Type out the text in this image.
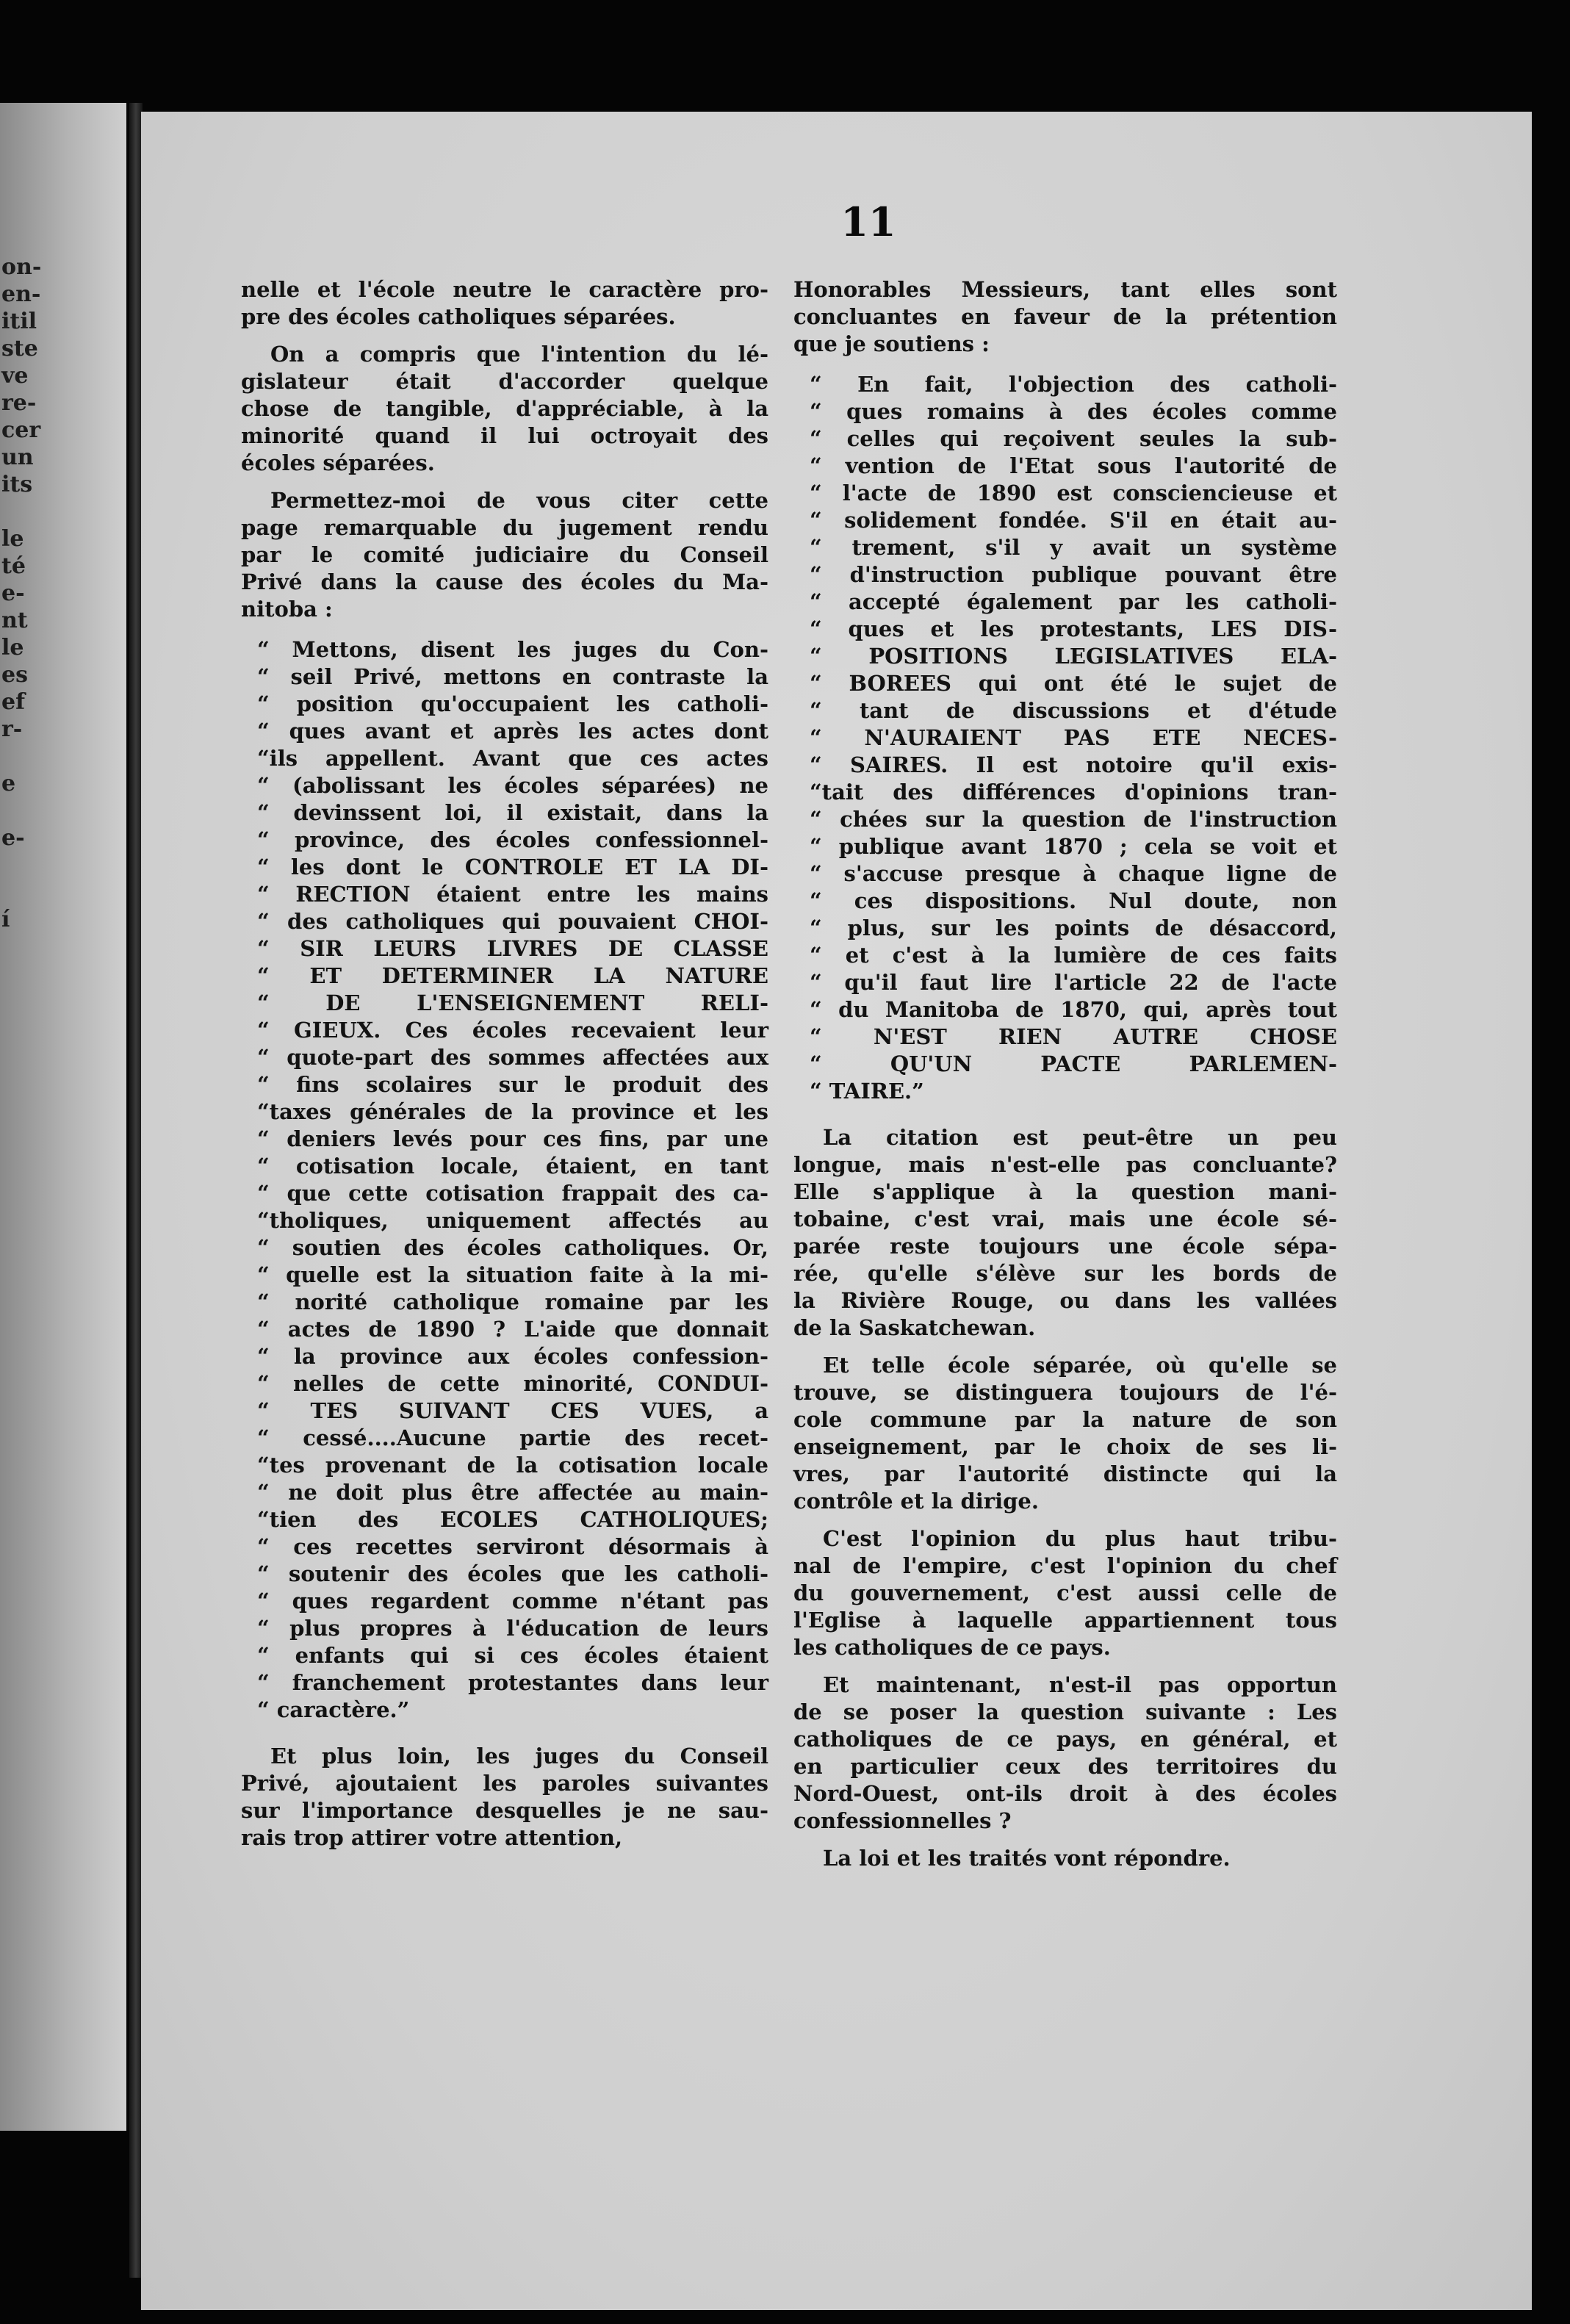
on-
en-
itil
ste
ve
re-
cer
un
its
le
té
e-
nt
le
es
ef
r-
e
e-
í
11

nelle et l'école neutre le caractère pro-
pre des écoles catholiques séparées.

On a compris que l'intention du lé-
gislateur était d'accorder quelque
chose de tangible, d'appréciable, à la
minorité quand il lui octroyait des
écoles séparées.

Permettez-moi de vous citer cette
page remarquable du jugement rendu
par le comité judiciaire du Conseil
Privé dans la cause des écoles du Ma-
nitoba :

“ Mettons, disent les juges du Con-
“ seil Privé, mettons en contraste la
“ position qu'occupaient les catholi-
“ ques avant et après les actes dont
“ils appellent. Avant que ces actes
“ (abolissant les écoles séparées) ne
“ devinssent loi, il existait, dans la
“ province, des écoles confessionnel-
“ les dont le CONTROLE ET LA DI-
“ RECTION étaient entre les mains
“ des catholiques qui pouvaient CHOI-
“ SIR LEURS LIVRES DE CLASSE
“ ET DETERMINER LA NATURE
“ DE L'ENSEIGNEMENT RELI-
“ GIEUX. Ces écoles recevaient leur
“ quote-part des sommes affectées aux
“ fins scolaires sur le produit des
“taxes générales de la province et les
“ deniers levés pour ces fins, par une
“ cotisation locale, étaient, en tant
“ que cette cotisation frappait des ca-
“tholiques, uniquement affectés au
“ soutien des écoles catholiques. Or,
“ quelle est la situation faite à la mi-
“ norité catholique romaine par les
“ actes de 1890 ? L'aide que donnait
“ la province aux écoles confession-
“ nelles de cette minorité, CONDUI-
“ TES SUIVANT CES VUES, a
“ cessé....Aucune partie des recet-
“tes provenant de la cotisation locale
“ ne doit plus être affectée au main-
“tien des ECOLES CATHOLIQUES;
“ ces recettes serviront désormais à
“ soutenir des écoles que les catholi-
“ ques regardent comme n'étant pas
“ plus propres à l'éducation de leurs
“ enfants qui si ces écoles étaient
“ franchement protestantes dans leur
“ caractère.”

Et plus loin, les juges du Conseil
Privé, ajoutaient les paroles suivantes
sur l'importance desquelles je ne sau-
rais trop attirer votre attention,

Honorables Messieurs, tant elles sont
concluantes en faveur de la prétention
que je soutiens :

“ En fait, l'objection des catholi-
“ ques romains à des écoles comme
“ celles qui reçoivent seules la sub-
“ vention de l'Etat sous l'autorité de
“ l'acte de 1890 est consciencieuse et
“ solidement fondée. S'il en était au-
“ trement, s'il y avait un système
“ d'instruction publique pouvant être
“ accepté également par les catholi-
“ ques et les protestants, LES DIS-
“ POSITIONS LEGISLATIVES ELA-
“ BOREES qui ont été le sujet de
“ tant de discussions et d'étude
“ N'AURAIENT PAS ETE NECES-
“ SAIRES. Il est notoire qu'il exis-
“tait des différences d'opinions tran-
“ chées sur la question de l'instruction
“ publique avant 1870 ; cela se voit et
“ s'accuse presque à chaque ligne de
“ ces dispositions. Nul doute, non
“ plus, sur les points de désaccord,
“ et c'est à la lumière de ces faits
“ qu'il faut lire l'article 22 de l'acte
“ du Manitoba de 1870, qui, après tout
“ N'EST RIEN AUTRE CHOSE
“ QU'UN PACTE PARLEMEN-
“ TAIRE.”

La citation est peut-être un peu
longue, mais n'est-elle pas concluante?
Elle s'applique à la question mani-
tobaine, c'est vrai, mais une école sé-
parée reste toujours une école sépa-
rée, qu'elle s'élève sur les bords de
la Rivière Rouge, ou dans les vallées
de la Saskatchewan.

Et telle école séparée, où qu'elle se
trouve, se distinguera toujours de l'é-
cole commune par la nature de son
enseignement, par le choix de ses li-
vres, par l'autorité distincte qui la
contrôle et la dirige.

C'est l'opinion du plus haut tribu-
nal de l'empire, c'est l'opinion du chef
du gouvernement, c'est aussi celle de
l'Eglise à laquelle appartiennent tous
les catholiques de ce pays.

Et maintenant, n'est-il pas opportun
de se poser la question suivante : Les
catholiques de ce pays, en général, et
en particulier ceux des territoires du
Nord-Ouest, ont-ils droit à des écoles
confessionnelles ?

La loi et les traités vont répondre.
